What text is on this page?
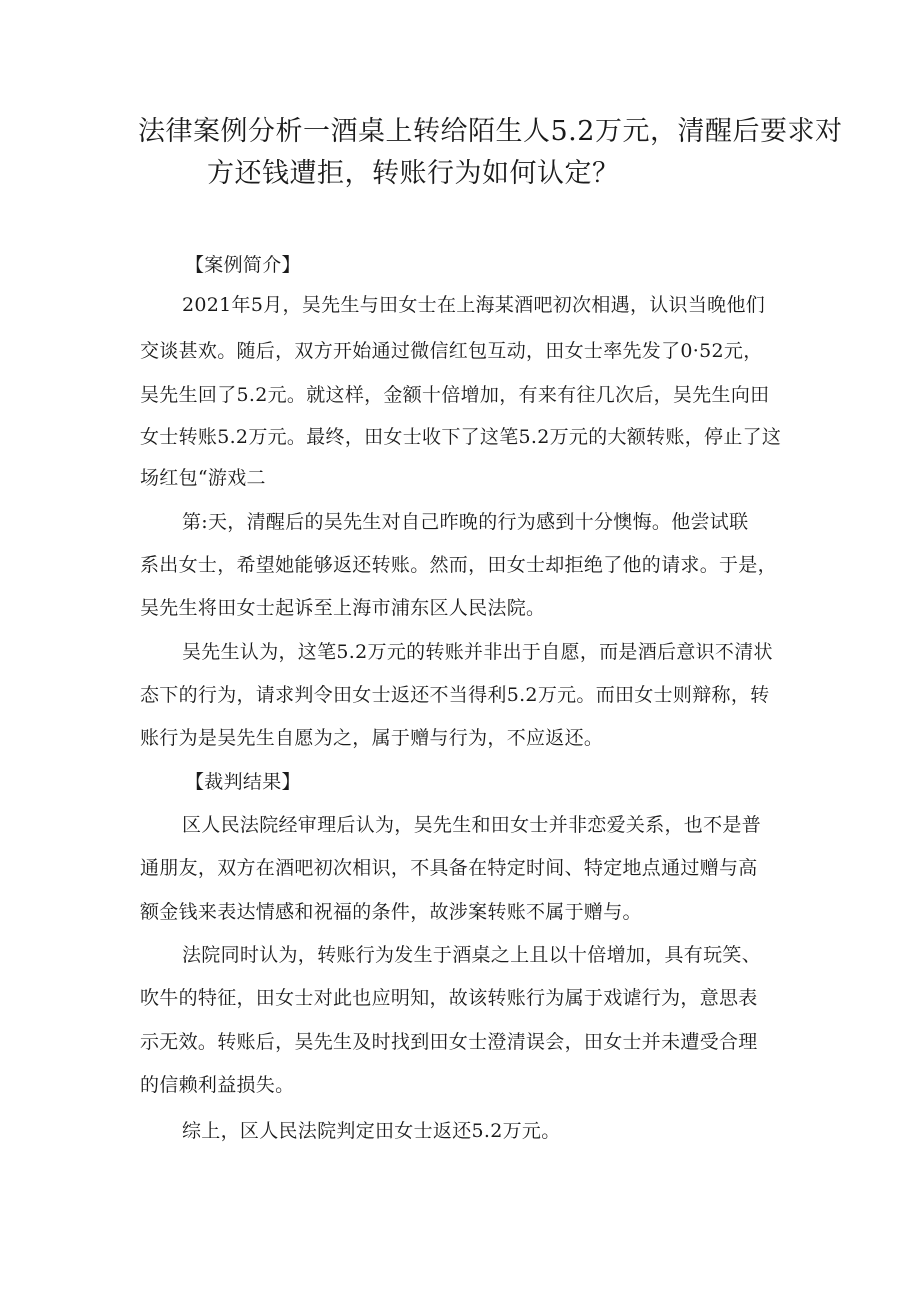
法律案例分析一酒桌上转给陌生人5.2万元，清醒后要求对
方还钱遭拒，转账行为如何认定？
【案例简介】
2021年5月，吴先生与田女士在上海某酒吧初次相遇，认识当晚他们
交谈甚欢。随后，双方开始通过微信红包互动，田女士率先发了0·52元，
吴先生回了5.2元。就这样，金额十倍增加，有来有往几次后，吴先生向田
女士转账5.2万元。最终，田女士收下了这笔5.2万元的大额转账，停止了这
场红包“游戏二
第:天，清醒后的吴先生对自己昨晚的行为感到十分懊悔。他尝试联
系出女士，希望她能够返还转账。然而，田女士却拒绝了他的请求。于是，
吴先生将田女士起诉至上海市浦东区人民法院。
吴先生认为，这笔5.2万元的转账并非出于自愿，而是酒后意识不清状
态下的行为，请求判令田女士返还不当得利5.2万元。而田女士则辩称，转
账行为是吴先生自愿为之，属于赠与行为，不应返还。
【裁判结果】
区人民法院经审理后认为，吴先生和田女士并非恋爱关系，也不是普
通朋友，双方在酒吧初次相识，不具备在特定时间、特定地点通过赠与高
额金钱来表达情感和祝福的条件，故涉案转账不属于赠与。
法院同时认为，转账行为发生于酒桌之上且以十倍增加，具有玩笑、
吹牛的特征，田女士对此也应明知，故该转账行为属于戏谑行为，意思表
示无效。转账后，吴先生及时找到田女士澄清误会，田女士并未遭受合理
的信赖利益损失。
综上，区人民法院判定田女士返还5.2万元。
